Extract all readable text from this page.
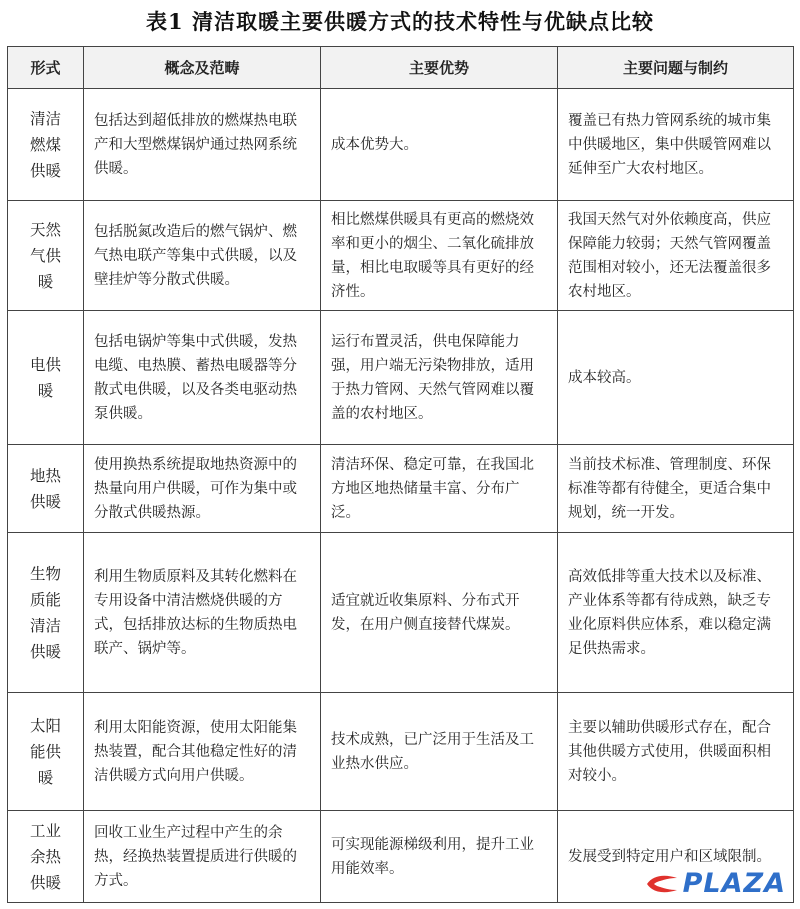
表1 清洁取暖主要供暖方式的技术特性与优缺点比较
形式	概念及范畴	主要优势	主要问题与制约
清洁燃煤供暖	包括达到超低排放的燃煤热电联产和大型燃煤锅炉通过热网系统供暖。	成本优势大。	覆盖已有热力管网系统的城市集中供暖地区，集中供暖管网难以延伸至广大农村地区。
天然气供暖	包括脱氮改造后的燃气锅炉、燃气热电联产等集中式供暖，以及壁挂炉等分散式供暖。	相比燃煤供暖具有更高的燃烧效率和更小的烟尘、二氧化硫排放量，相比电取暖等具有更好的经济性。	我国天然气对外依赖度高，供应保障能力较弱；天然气管网覆盖范围相对较小，还无法覆盖很多农村地区。
电供暖	包括电锅炉等集中式供暖，发热电缆、电热膜、蓄热电暖器等分散式电供暖，以及各类电驱动热泵供暖。	运行布置灵活，供电保障能力强，用户端无污染物排放，适用于热力管网、天然气管网难以覆盖的农村地区。	成本较高。
地热供暖	使用换热系统提取地热资源中的热量向用户供暖，可作为集中或分散式供暖热源。	清洁环保、稳定可靠，在我国北方地区地热储量丰富、分布广泛。	当前技术标准、管理制度、环保标准等都有待健全，更适合集中规划，统一开发。
生物质能清洁供暖	利用生物质原料及其转化燃料在专用设备中清洁燃烧供暖的方式，包括排放达标的生物质热电联产、锅炉等。	适宜就近收集原料、分布式开发，在用户侧直接替代煤炭。	高效低排等重大技术以及标准、产业体系等都有待成熟，缺乏专业化原料供应体系，难以稳定满足供热需求。
太阳能供暖	利用太阳能资源，使用太阳能集热装置，配合其他稳定性好的清洁供暖方式向用户供暖。	技术成熟，已广泛用于生活及工业热水供应。	主要以辅助供暖形式存在，配合其他供暖方式使用，供暖面积相对较小。
工业余热供暖	回收工业生产过程中产生的余热，经换热装置提质进行供暖的方式。	可实现能源梯级利用，提升工业用能效率。	发展受到特定用户和区域限制。
PLAZA
